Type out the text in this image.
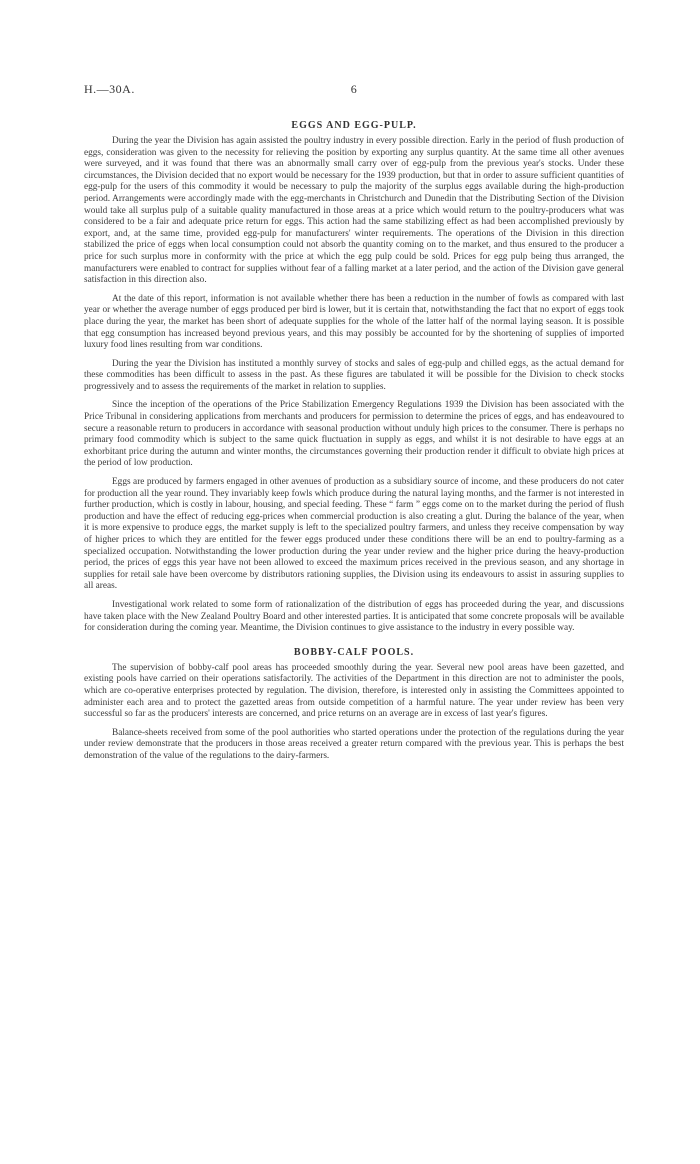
H.—30A.	6
EGGS AND EGG-PULP.

During the year the Division has again assisted the poultry industry in every possible direction. Early in the period of flush production of eggs, consideration was given to the necessity for relieving the position by exporting any surplus quantity. At the same time all other avenues were surveyed, and it was found that there was an abnormally small carry over of egg-pulp from the previous year's stocks. Under these circumstances, the Division decided that no export would be necessary for the 1939 production, but that in order to assure sufficient quantities of egg-pulp for the users of this commodity it would be necessary to pulp the majority of the surplus eggs available during the high-production period. Arrangements were accordingly made with the egg-merchants in Christchurch and Dunedin that the Distributing Section of the Division would take all surplus pulp of a suitable quality manufactured in those areas at a price which would return to the poultry-producers what was considered to be a fair and adequate price return for eggs. This action had the same stabilizing effect as had been accomplished previously by export, and, at the same time, provided egg-pulp for manufacturers' winter requirements. The operations of the Division in this direction stabilized the price of eggs when local consumption could not absorb the quantity coming on to the market, and thus ensured to the producer a price for such surplus more in conformity with the price at which the egg pulp could be sold. Prices for egg pulp being thus arranged, the manufacturers were enabled to contract for supplies without fear of a falling market at a later period, and the action of the Division gave general satisfaction in this direction also.

At the date of this report, information is not available whether there has been a reduction in the number of fowls as compared with last year or whether the average number of eggs produced per bird is lower, but it is certain that, notwithstanding the fact that no export of eggs took place during the year, the market has been short of adequate supplies for the whole of the latter half of the normal laying season. It is possible that egg consumption has increased beyond previous years, and this may possibly be accounted for by the shortening of supplies of imported luxury food lines resulting from war conditions.

During the year the Division has instituted a monthly survey of stocks and sales of egg-pulp and chilled eggs, as the actual demand for these commodities has been difficult to assess in the past. As these figures are tabulated it will be possible for the Division to check stocks progressively and to assess the requirements of the market in relation to supplies.

Since the inception of the operations of the Price Stabilization Emergency Regulations 1939 the Division has been associated with the Price Tribunal in considering applications from merchants and producers for permission to determine the prices of eggs, and has endeavoured to secure a reasonable return to producers in accordance with seasonal production without unduly high prices to the consumer. There is perhaps no primary food commodity which is subject to the same quick fluctuation in supply as eggs, and whilst it is not desirable to have eggs at an exhorbitant price during the autumn and winter months, the circumstances governing their production render it difficult to obviate high prices at the period of low production.

Eggs are produced by farmers engaged in other avenues of production as a subsidiary source of income, and these producers do not cater for production all the year round. They invariably keep fowls which produce during the natural laying months, and the farmer is not interested in further production, which is costly in labour, housing, and special feeding. These “ farm ” eggs come on to the market during the period of flush production and have the effect of reducing egg-prices when commercial production is also creating a glut. During the balance of the year, when it is more expensive to produce eggs, the market supply is left to the specialized poultry farmers, and unless they receive compensation by way of higher prices to which they are entitled for the fewer eggs produced under these conditions there will be an end to poultry-farming as a specialized occupation. Notwithstanding the lower production during the year under review and the higher price during the heavy-production period, the prices of eggs this year have not been allowed to exceed the maximum prices received in the previous season, and any shortage in supplies for retail sale have been overcome by distributors rationing supplies, the Division using its endeavours to assist in assuring supplies to all areas.

Investigational work related to some form of rationalization of the distribution of eggs has proceeded during the year, and discussions have taken place with the New Zealand Poultry Board and other interested parties. It is anticipated that some concrete proposals will be available for consideration during the coming year. Meantime, the Division continues to give assistance to the industry in every possible way.

BOBBY-CALF POOLS.

The supervision of bobby-calf pool areas has proceeded smoothly during the year. Several new pool areas have been gazetted, and existing pools have carried on their operations satisfactorily. The activities of the Department in this direction are not to administer the pools, which are co-operative enterprises protected by regulation. The division, therefore, is interested only in assisting the Committees appointed to administer each area and to protect the gazetted areas from outside competition of a harmful nature. The year under review has been very successful so far as the producers' interests are concerned, and price returns on an average are in excess of last year's figures.

Balance-sheets received from some of the pool authorities who started operations under the protection of the regulations during the year under review demonstrate that the producers in those areas received a greater return compared with the previous year. This is perhaps the best demonstration of the value of the regulations to the dairy-farmers.
